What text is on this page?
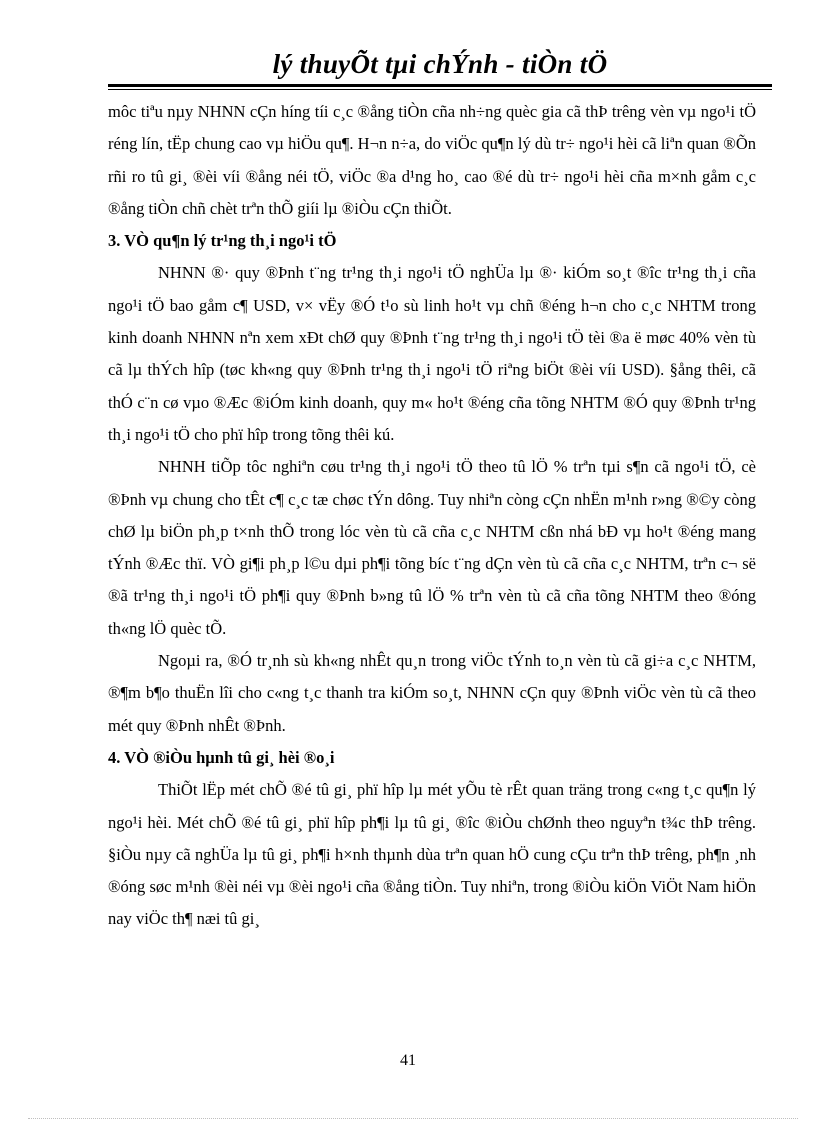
lý thuyÕt tµi chÝnh - tiÒn tÖ

môc tiªu nµy NHNN cÇn híng tíi c¸c ®ång tiÒn cña nh÷ng quèc gia cã thÞ trêng vèn vµ ngo¹i tÖ réng lín, tËp chung cao vµ hiÖu qu¶. H¬n n÷a, do viÖc qu¶n lý dù tr÷ ngo¹i hèi cã liªn quan ®Õn rñi ro tû gi¸ ®èi víi ®ång néi tÖ, viÖc ®a d¹ng ho¸ cao ®é dù tr÷ ngo¹i hèi cña m×nh gåm c¸c ®ång tiÒn chñ chèt trªn thÕ giíi lµ ®iÒu cÇn thiÕt.

3. VÒ qu¶n lý tr¹ng th¸i ngo¹i tÖ

NHNN ®· quy ®Þnh t¨ng tr¹ng th¸i ngo¹i tÖ nghÜa lµ ®· kiÓm so¸t ®îc tr¹ng th¸i cña ngo¹i tÖ bao gåm c¶ USD, v× vËy ®Ó t¹o sù linh ho¹t vµ chñ ®éng h¬n cho c¸c NHTM trong kinh doanh NHNN nªn xem xÐt chØ quy ®Þnh t¨ng tr¹ng th¸i ngo¹i tÖ tèi ®a ë møc 40% vèn tù cã lµ thÝch hîp (tøc kh«ng quy ®Þnh tr¹ng th¸i ngo¹i tÖ riªng biÖt ®èi víi USD). §ång thêi, cã thÓ c¨n cø vµo ®Æc ®iÓm kinh doanh, quy m« ho¹t ®éng cña tõng NHTM ®Ó quy ®Þnh tr¹ng th¸i ngo¹i tÖ cho phï hîp trong tõng thêi kú.

NHNH tiÕp tôc nghiªn cøu tr¹ng th¸i ngo¹i tÖ theo tû lÖ % trªn tµi s¶n cã ngo¹i tÖ, cè ®Þnh vµ chung cho tÊt c¶ c¸c tæ chøc tÝn dông. Tuy nhiªn còng cÇn nhËn m¹nh r»ng ®©y còng chØ lµ biÖn ph¸p t×nh thÕ trong lóc vèn tù cã cña c¸c NHTM cßn nhá bÐ vµ ho¹t ®éng mang tÝnh ®Æc thï. VÒ gi¶i ph¸p l©u dµi ph¶i tõng bíc t¨ng dÇn vèn tù cã cña c¸c NHTM, trªn c¬ së ®ã tr¹ng th¸i ngo¹i tÖ ph¶i quy ®Þnh b»ng tû lÖ % trªn vèn tù cã cña tõng NHTM theo ®óng th«ng lÖ quèc tÕ.

Ngoµi ra, ®Ó tr¸nh sù kh«ng nhÊt qu¸n trong viÖc tÝnh to¸n vèn tù cã gi÷a c¸c NHTM, ®¶m b¶o thuËn lîi cho c«ng t¸c thanh tra kiÓm so¸t, NHNN cÇn quy ®Þnh viÖc vèn tù cã theo mét quy ®Þnh nhÊt ®Þnh.

4. VÒ ®iÒu hµnh tû gi¸ hèi ®o¸i

ThiÕt lËp mét chÕ ®é tû gi¸ phï hîp lµ mét yÕu tè rÊt quan träng trong c«ng t¸c qu¶n lý ngo¹i hèi. Mét chÕ ®é tû gi¸ phï hîp ph¶i lµ tû gi¸ ®îc ®iÒu chØnh theo nguyªn t¾c thÞ trêng. §iÒu nµy cã nghÜa lµ tû gi¸ ph¶i h×nh thµnh dùa trªn quan hÖ cung cÇu trªn thÞ trêng, ph¶n ¸nh ®óng søc m¹nh ®èi néi vµ ®èi ngo¹i cña ®ång tiÒn. Tuy nhiªn, trong ®iÒu kiÖn ViÖt Nam hiÖn nay viÖc th¶ næi tû gi¸

41
